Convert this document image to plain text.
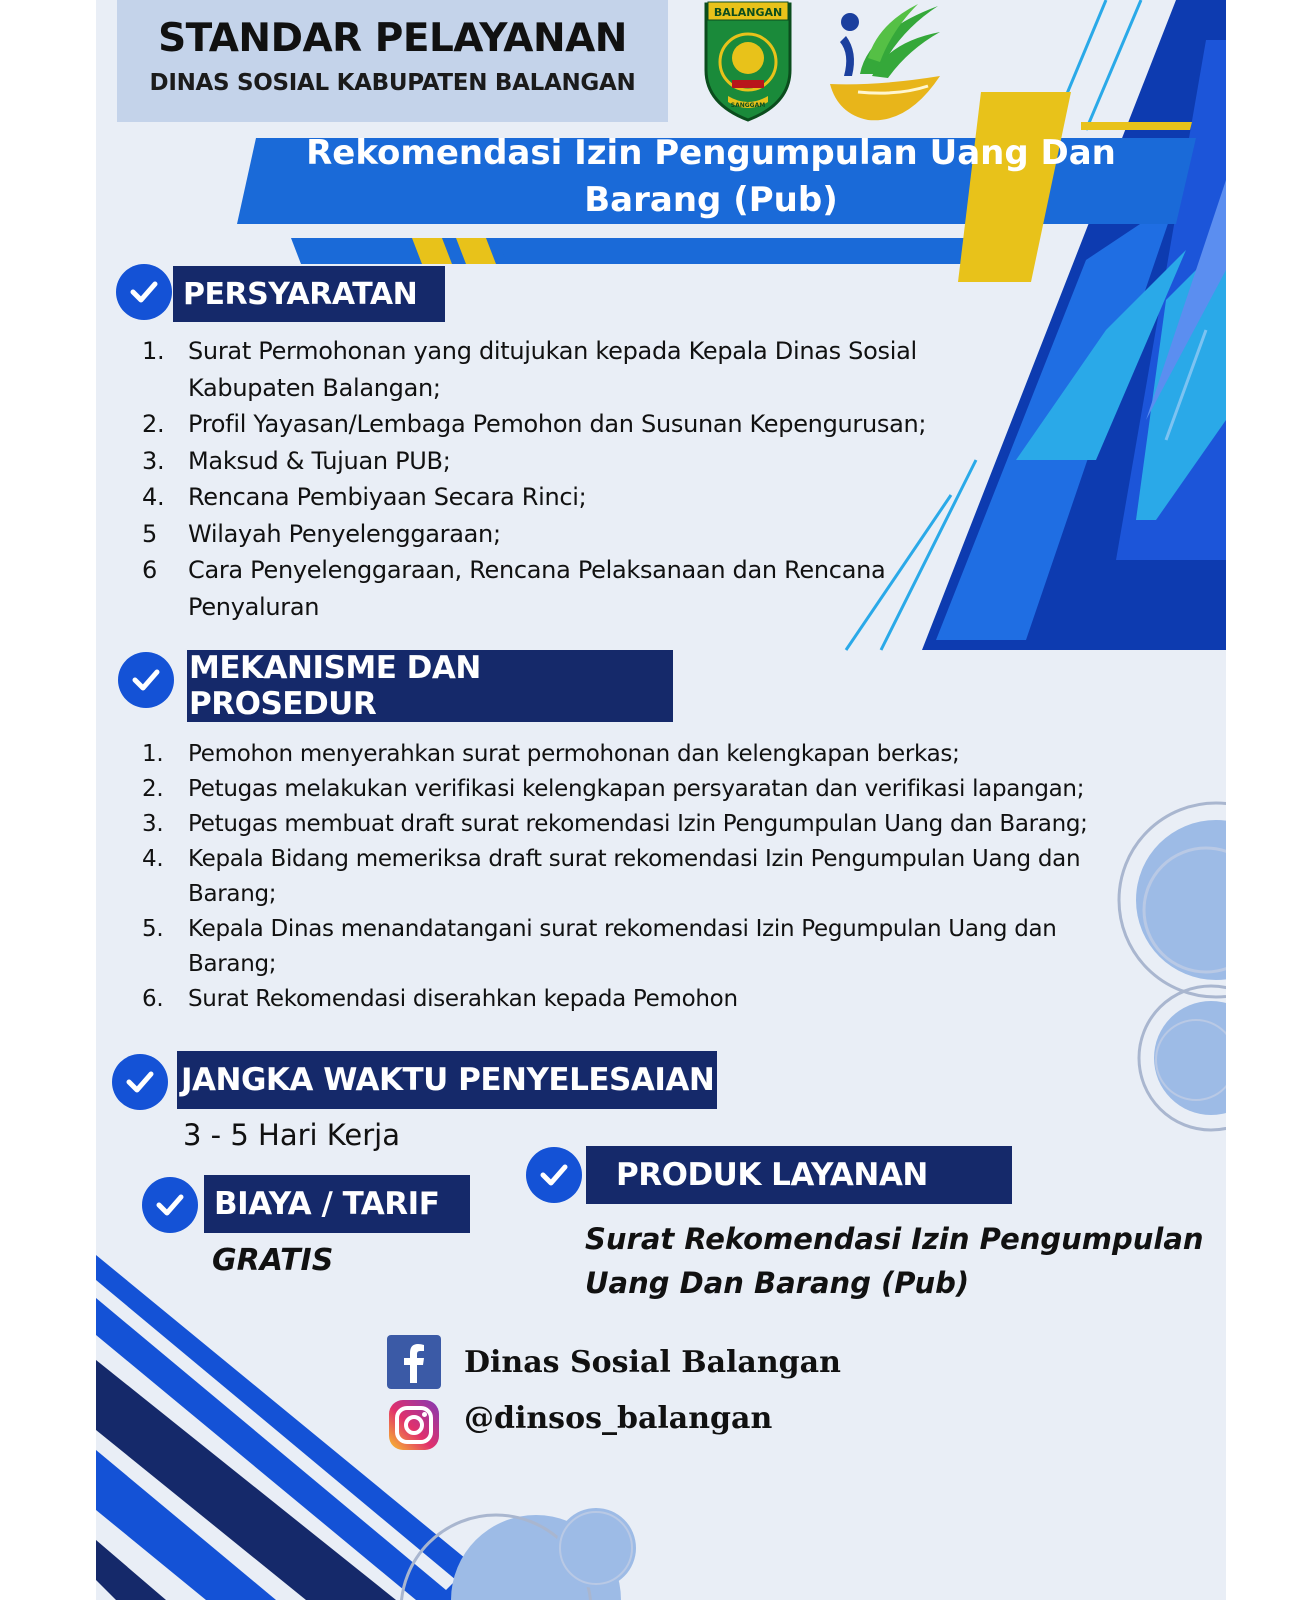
STANDAR PELAYANAN
DINAS SOSIAL KABUPATEN BALANGAN
BALANGAN
SANGGAM
Rekomendasi Izin Pengumpulan Uang Dan Barang (Pub)
PERSYARATAN
1. Surat Permohonan yang ditujukan kepada Kepala Dinas Sosial Kabupaten Balangan;
2. Profil Yayasan/Lembaga Pemohon dan Susunan Kepengurusan;
3. Maksud & Tujuan PUB;
4. Rencana Pembiyaan Secara Rinci;
5 Wilayah Penyelenggaraan;
6 Cara Penyelenggaraan, Rencana Pelaksanaan dan Rencana Penyaluran
MEKANISME DAN PROSEDUR
1. Pemohon menyerahkan surat permohonan dan kelengkapan berkas;
2. Petugas melakukan verifikasi kelengkapan persyaratan dan verifikasi lapangan;
3. Petugas membuat draft surat rekomendasi Izin Pengumpulan Uang dan Barang;
4. Kepala Bidang memeriksa draft surat rekomendasi Izin Pengumpulan Uang dan Barang;
5. Kepala Dinas menandatangani surat rekomendasi Izin Pegumpulan Uang dan Barang;
6. Surat Rekomendasi diserahkan kepada Pemohon
JANGKA WAKTU PENYELESAIAN
3 - 5 Hari Kerja
BIAYA / TARIF
GRATIS
PRODUK LAYANAN
Surat Rekomendasi Izin Pengumpulan Uang Dan Barang (Pub)
Dinas Sosial Balangan
@dinsos_balangan
